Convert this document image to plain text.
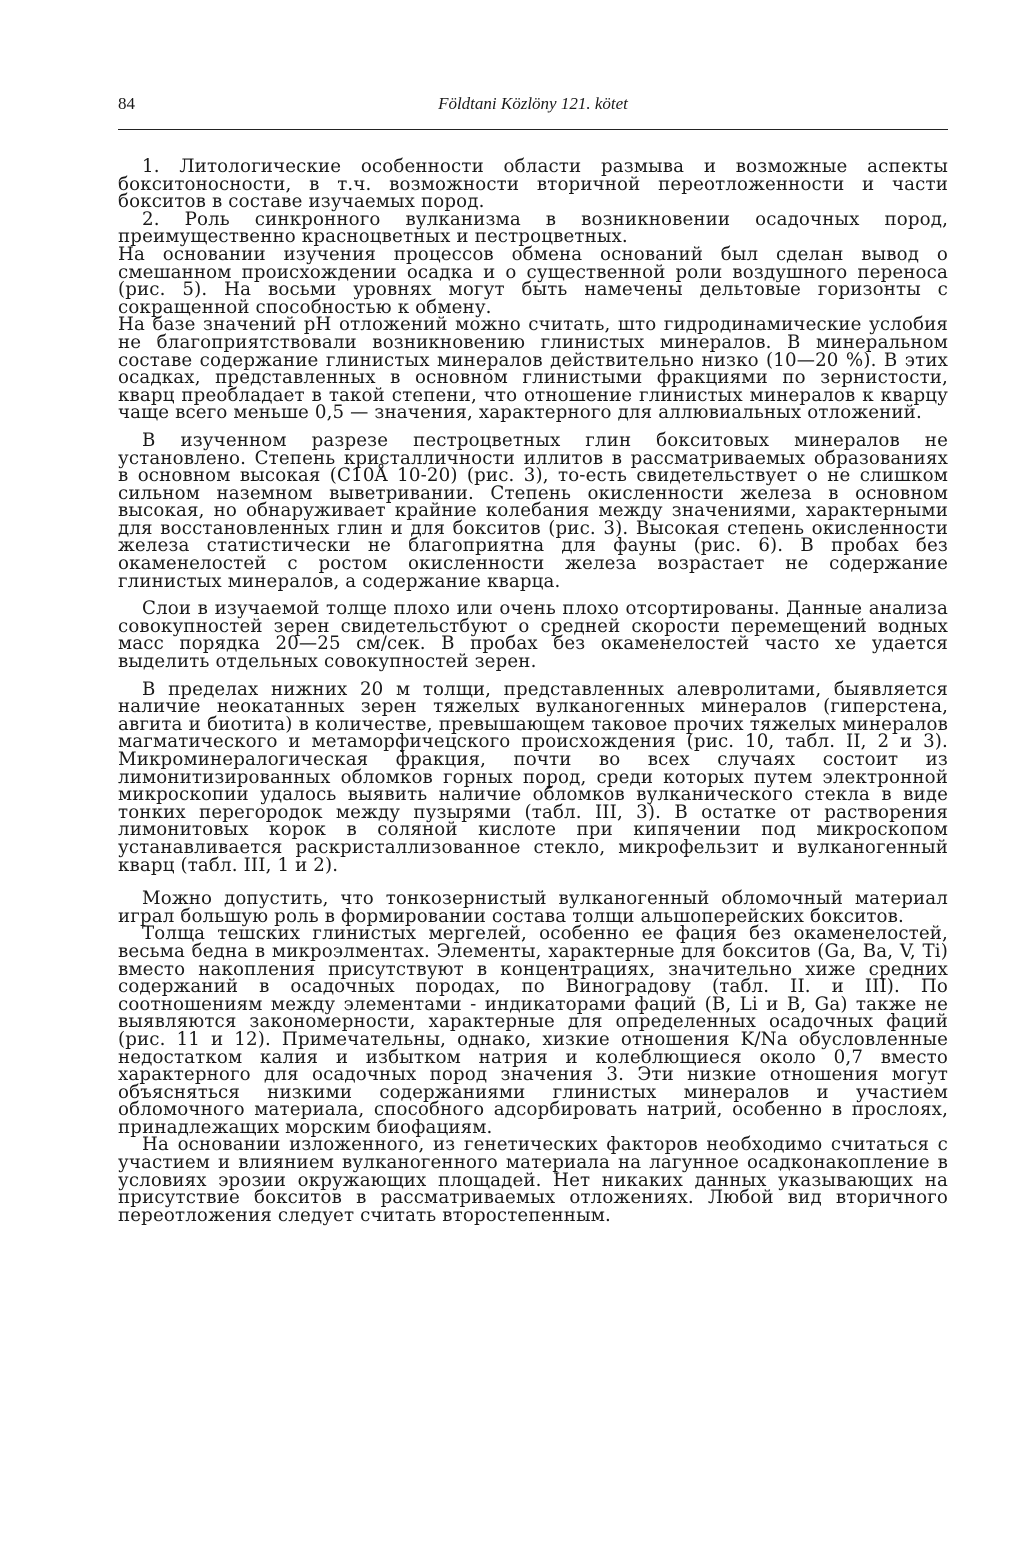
84	Földtani Közlöny 121. kötet

1. Литологические особенности области размыва и возможные аспекты бокситоносности, в т.ч. возможности вторичной переотложенности и части бокситов в составе изучаемых пород.

2. Роль синкронного вулканизма в возникновении осадочных пород, преимущественно красноцветных и пестроцветных.

На основании изучения процессов обмена оснований был сделан вывод о смешанном происхождении осадка и о существенной роли воздушного переноса (рис. 5). На восьми уровнях могут быть намечены дельтовые горизонты с сокращенной способностью к обмену.

На базе значений pH отложений можно считать, што гидродинамические услобия не благоприятствовали возникновению глинистых минералов. В минеральном составе содержание глинистых минералов действительно низко (10—20 %). В этих осадках, представленных в основном глинистыми фракциями по зернистости, кварц преобладает в такой степени, что отношение глинистых минералов к кварцу чаще всего меньше 0,5 — значения, характерного для аллювиальных отложений.

В изученном разрезе пестроцветных глин бокситовых минералов не установлено. Степень кристалличности иллитов в рассматриваемых образованиях в основном высокая (C10Å 10-20) (рис. 3), то-есть свидетельствует о не слишком сильном наземном выветривании. Степень окисленности железа в основном высокая, но обнаруживает крайние колебания между значениями, характерными для восстановленных глин и для бокситов (рис. 3). Высокая степень окисленности железа статистически не благоприятна для фауны (рис. 6). В пробах без окаменелостей с ростом окисленности железа возрастает не содержание глинистых минералов, а содержание кварца.

Слои в изучаемой толще плохо или очень плохо отсортированы. Данные анализа совокупностей зерен свидетельстбуют о средней скорости перемещений водных масс порядка 20—25 см/сек. В пробах без окаменелостей часто хе удается выделить отдельных совокупностей зерен.

В пределах нижних 20 м толщи, представленных алевролитами, быявляется наличие неокатанных зерен тяжелых вулканогенных минералов (гиперстена, авгита и биотита) в количестве, превышающем таковое прочих тяжелых минералов магматического и метаморфичецского происхождения (рис. 10, табл. II, 2 и 3). Микроминералогическая фракция, почти во всех случаях состоит из лимонитизированных обломков горных пород, среди которых путем электронной микроскопии удалось выявить наличие обломков вулканического стекла в виде тонких перегородок между пузырями (табл. III, 3). В остатке от растворения лимонитовых корок в соляной кислоте при кипячении под микроскопом устанавливается раскристаллизованное стекло, микрофельзит и вулканогенный кварц (табл. III, 1 и 2).

Можно допустить, что тонкозернистый вулканогенный обломочный материал играл большую роль в формировании состава толщи альшоперейских бокситов.

Толща тешских глинистых мергелей, особенно ее фация без окаменелостей, весьма бедна в микроэлментах. Элементы, характерные для бокситов (Ga, Ba, V, Ti) вместо накопления присутствуют в концентрациях, значительно хиже средних содержаний в осадочных породах, по Виноградову (табл. II. и III). По соотношениям между элементами - индикаторами фаций (B, Li и B, Ga) также не выявляются закономерности, характерные для определенных осадочных фаций (рис. 11 и 12). Примечательны, однако, хизкие отношения K/Na обусловленные недостатком калия и избытком натрия и колеблющиеся около 0,7 вместо характерного для осадочных пород значения 3. Эти низкие отношения могут объясняться низкими содержаниями глинистых минералов и участием обломочного материала, способного адсорбировать натрий, особенно в прослоях, принадлежащих морским биофациям.

На основании изложенного, из генетических факторов необходимо считаться с участием и влиянием вулканогенного материала на лагунное осадконакопление в условиях эрозии окружающих площадей. Нет никаких данных указывающих на присутствие бокситов в рассматриваемых отложениях. Любой вид вторичного переотложения следует считать второстепенным.
